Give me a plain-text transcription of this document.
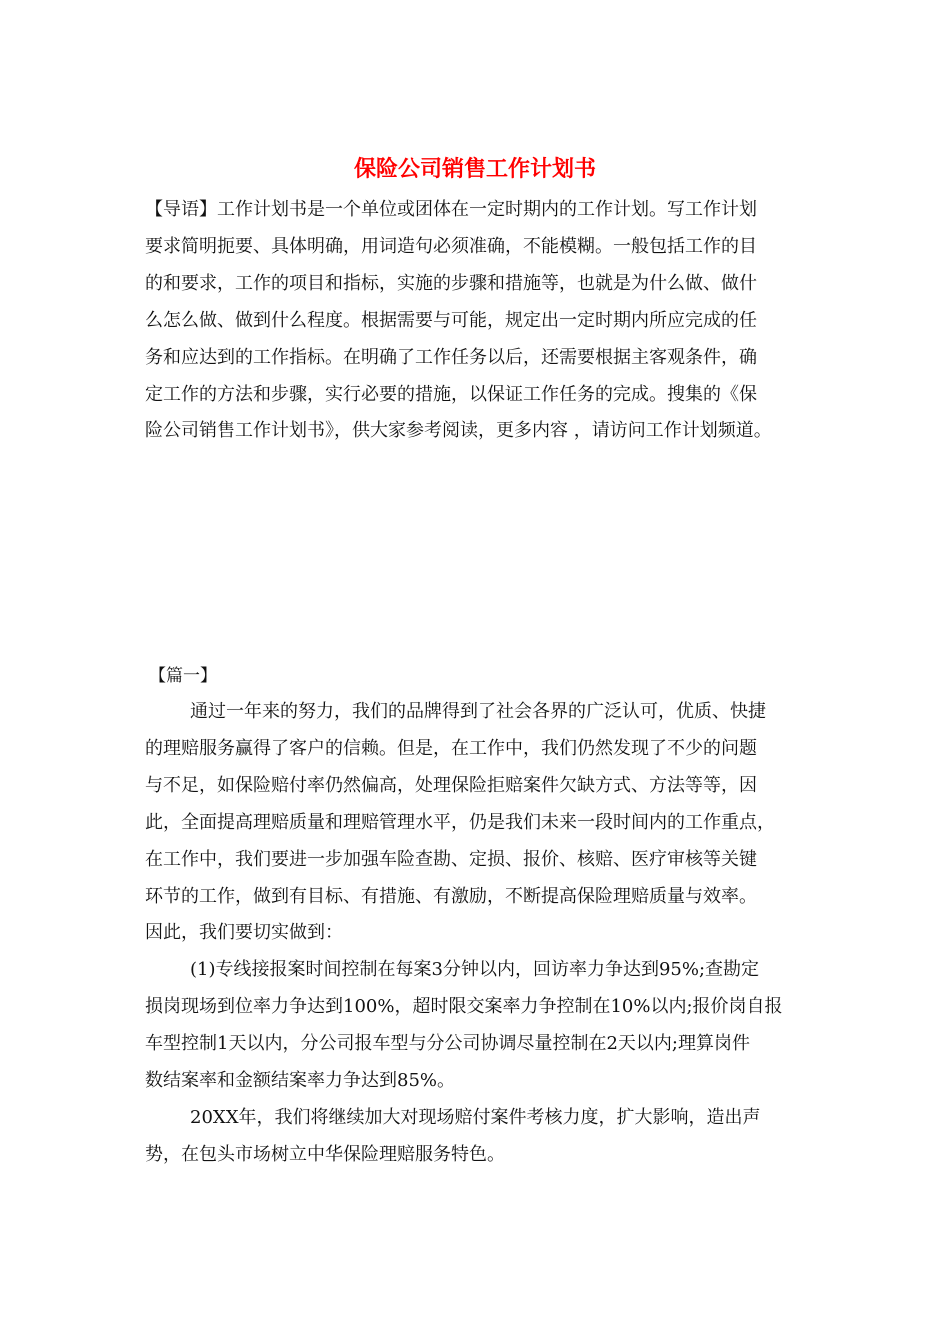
保险公司销售工作计划书
【导语】工作计划书是一个单位或团体在一定时期内的工作计划。写工作计划
要求简明扼要、具体明确，用词造句必须准确，不能模糊。一般包括工作的目
的和要求，工作的项目和指标，实施的步骤和措施等，也就是为什么做、做什
么怎么做、做到什么程度。根据需要与可能，规定出一定时期内所应完成的任
务和应达到的工作指标。在明确了工作任务以后，还需要根据主客观条件，确
定工作的方法和步骤，实行必要的措施，以保证工作任务的完成。搜集的《保
险公司销售工作计划书》，供大家参考阅读，更多内容 ，请访问工作计划频道。
【篇一】
通过一年来的努力，我们的品牌得到了社会各界的广泛认可，优质、快捷
的理赔服务赢得了客户的信赖。但是，在工作中，我们仍然发现了不少的问题
与不足，如保险赔付率仍然偏高，处理保险拒赔案件欠缺方式、方法等等，因
此，全面提高理赔质量和理赔管理水平，仍是我们未来一段时间内的工作重点，
在工作中，我们要进一步加强车险查勘、定损、报价、核赔、医疗审核等关键
环节的工作，做到有目标、有措施、有激励，不断提高保险理赔质量与效率。
因此，我们要切实做到：
(1)专线接报案时间控制在每案3分钟以内，回访率力争达到95%;查勘定
损岗现场到位率力争达到100%，超时限交案率力争控制在10%以内;报价岗自报
车型控制1天以内，分公司报车型与分公司协调尽量控制在2天以内;理算岗件
数结案率和金额结案率力争达到85%。
20XX年，我们将继续加大对现场赔付案件考核力度，扩大影响，造出声
势，在包头市场树立中华保险理赔服务特色。
